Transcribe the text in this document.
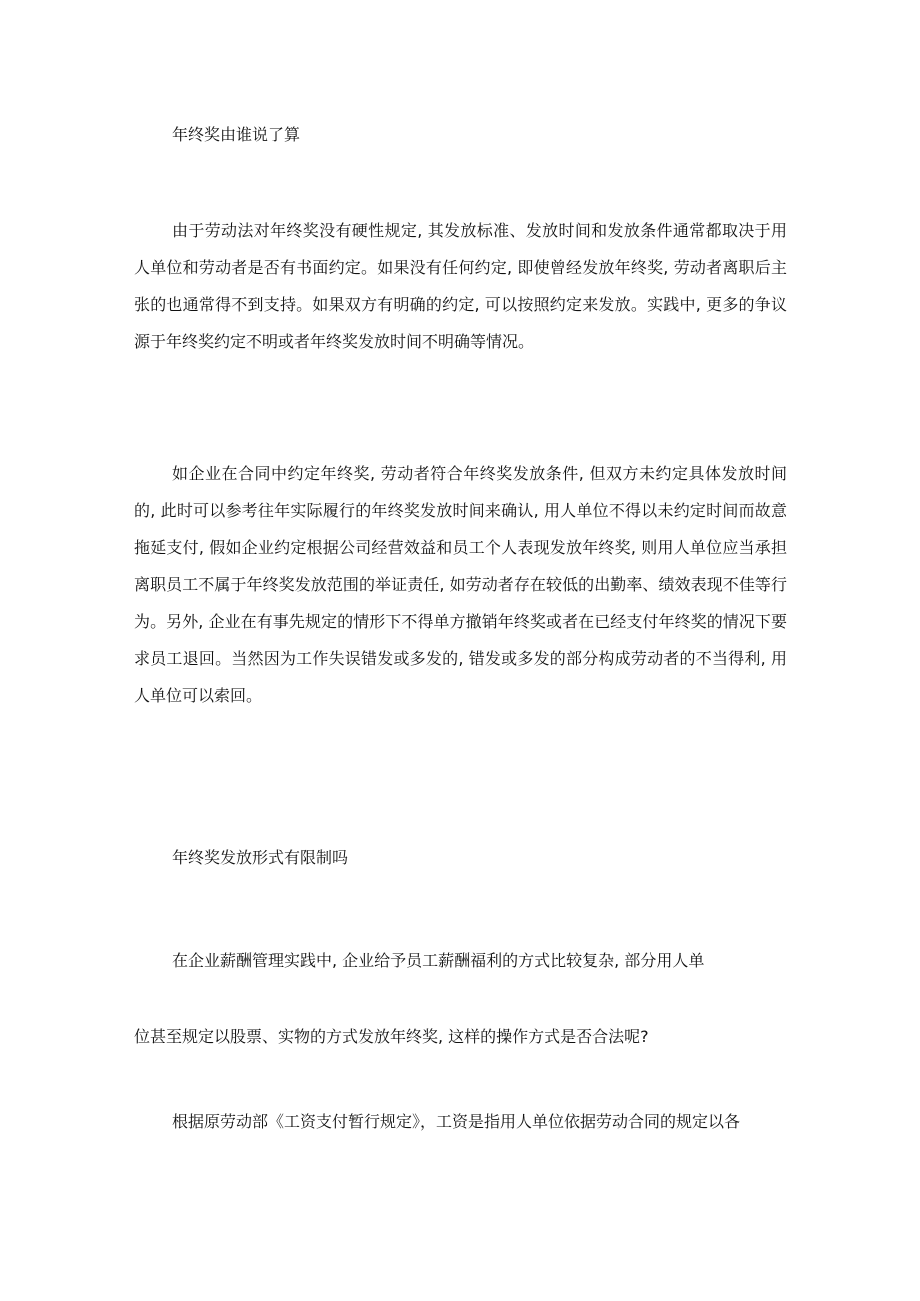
年终奖由谁说了算
由于劳动法对年终奖没有硬性规定, 其发放标准、发放时间和发放条件通常都取决于用人单位和劳动者是否有书面约定。如果没有任何约定, 即使曾经发放年终奖, 劳动者离职后主张的也通常得不到支持。如果双方有明确的约定, 可以按照约定来发放。实践中, 更多的争议源于年终奖约定不明或者年终奖发放时间不明确等情况。
如企业在合同中约定年终奖, 劳动者符合年终奖发放条件, 但双方未约定具体发放时间的, 此时可以参考往年实际履行的年终奖发放时间来确认, 用人单位不得以未约定时间而故意拖延支付, 假如企业约定根据公司经营效益和员工个人表现发放年终奖, 则用人单位应当承担离职员工不属于年终奖发放范围的举证责任, 如劳动者存在较低的出勤率、绩效表现不佳等行为。另外, 企业在有事先规定的情形下不得单方撤销年终奖或者在已经支付年终奖的情况下要求员工退回。当然因为工作失误错发或多发的, 错发或多发的部分构成劳动者的不当得利, 用人单位可以索回。
年终奖发放形式有限制吗
在企业薪酬管理实践中, 企业给予员工薪酬福利的方式比较复杂, 部分用人单
位甚至规定以股票、实物的方式发放年终奖, 这样的操作方式是否合法呢?
根据原劳动部《工资支付暂行规定》，工资是指用人单位依据劳动合同的规定以各
